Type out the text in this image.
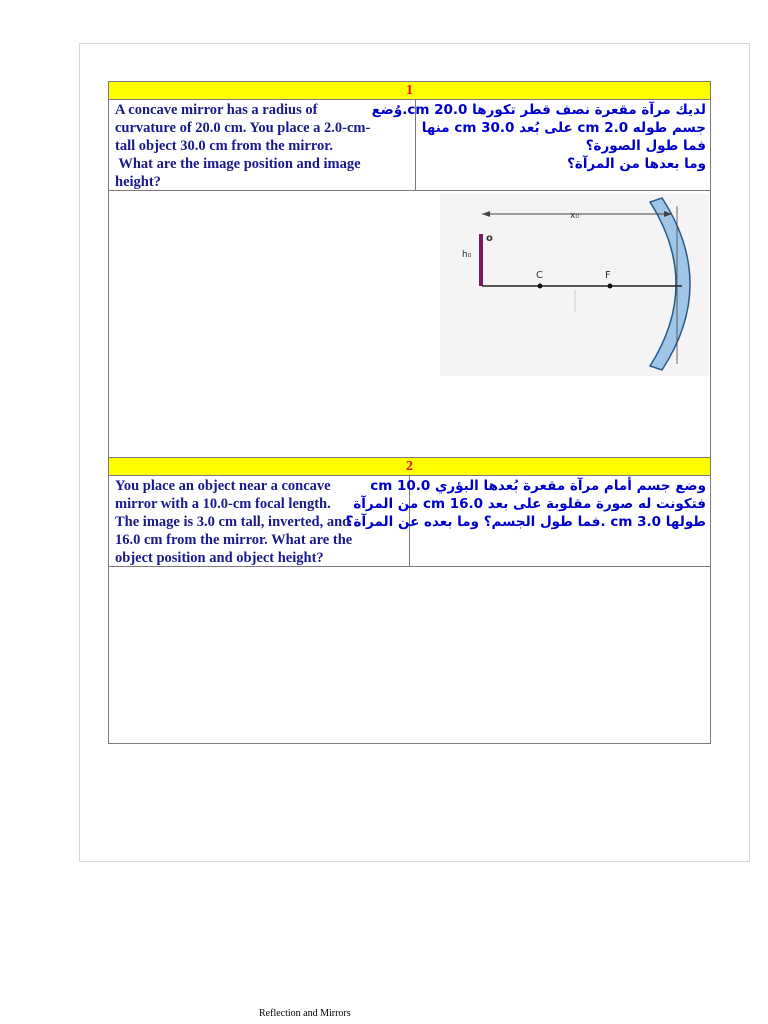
1
2
A concave mirror has a radius of
curvature of 20.0 cm. You place a 2.0-cm-
tall object 30.0 cm from the mirror.
What are the image position and image
height?
لديك مرآة مقعرة نصف قطر تكورها 20.0 cm.وُضع
جسم طوله 2.0 cm على بُعد 30.0 cm منها
فما طول الصورة؟
وما بعدها من المرآة؟
x₀
h₀
o
C	F
You place an object near a concave
mirror with a 10.0-cm focal length.
The image is 3.0 cm tall, inverted, and
16.0 cm from the mirror. What are the
object position and object height?
وضع جسم أمام مرآة مقعرة بُعدها البؤري 10.0 cm
فتكونت له صورة مقلوبة على بعد 16.0 cm من المرآة
طولها 3.0 cm .فما طول الجسم؟ وما بعده عن المرآة؟
Reflection and Mirrors
